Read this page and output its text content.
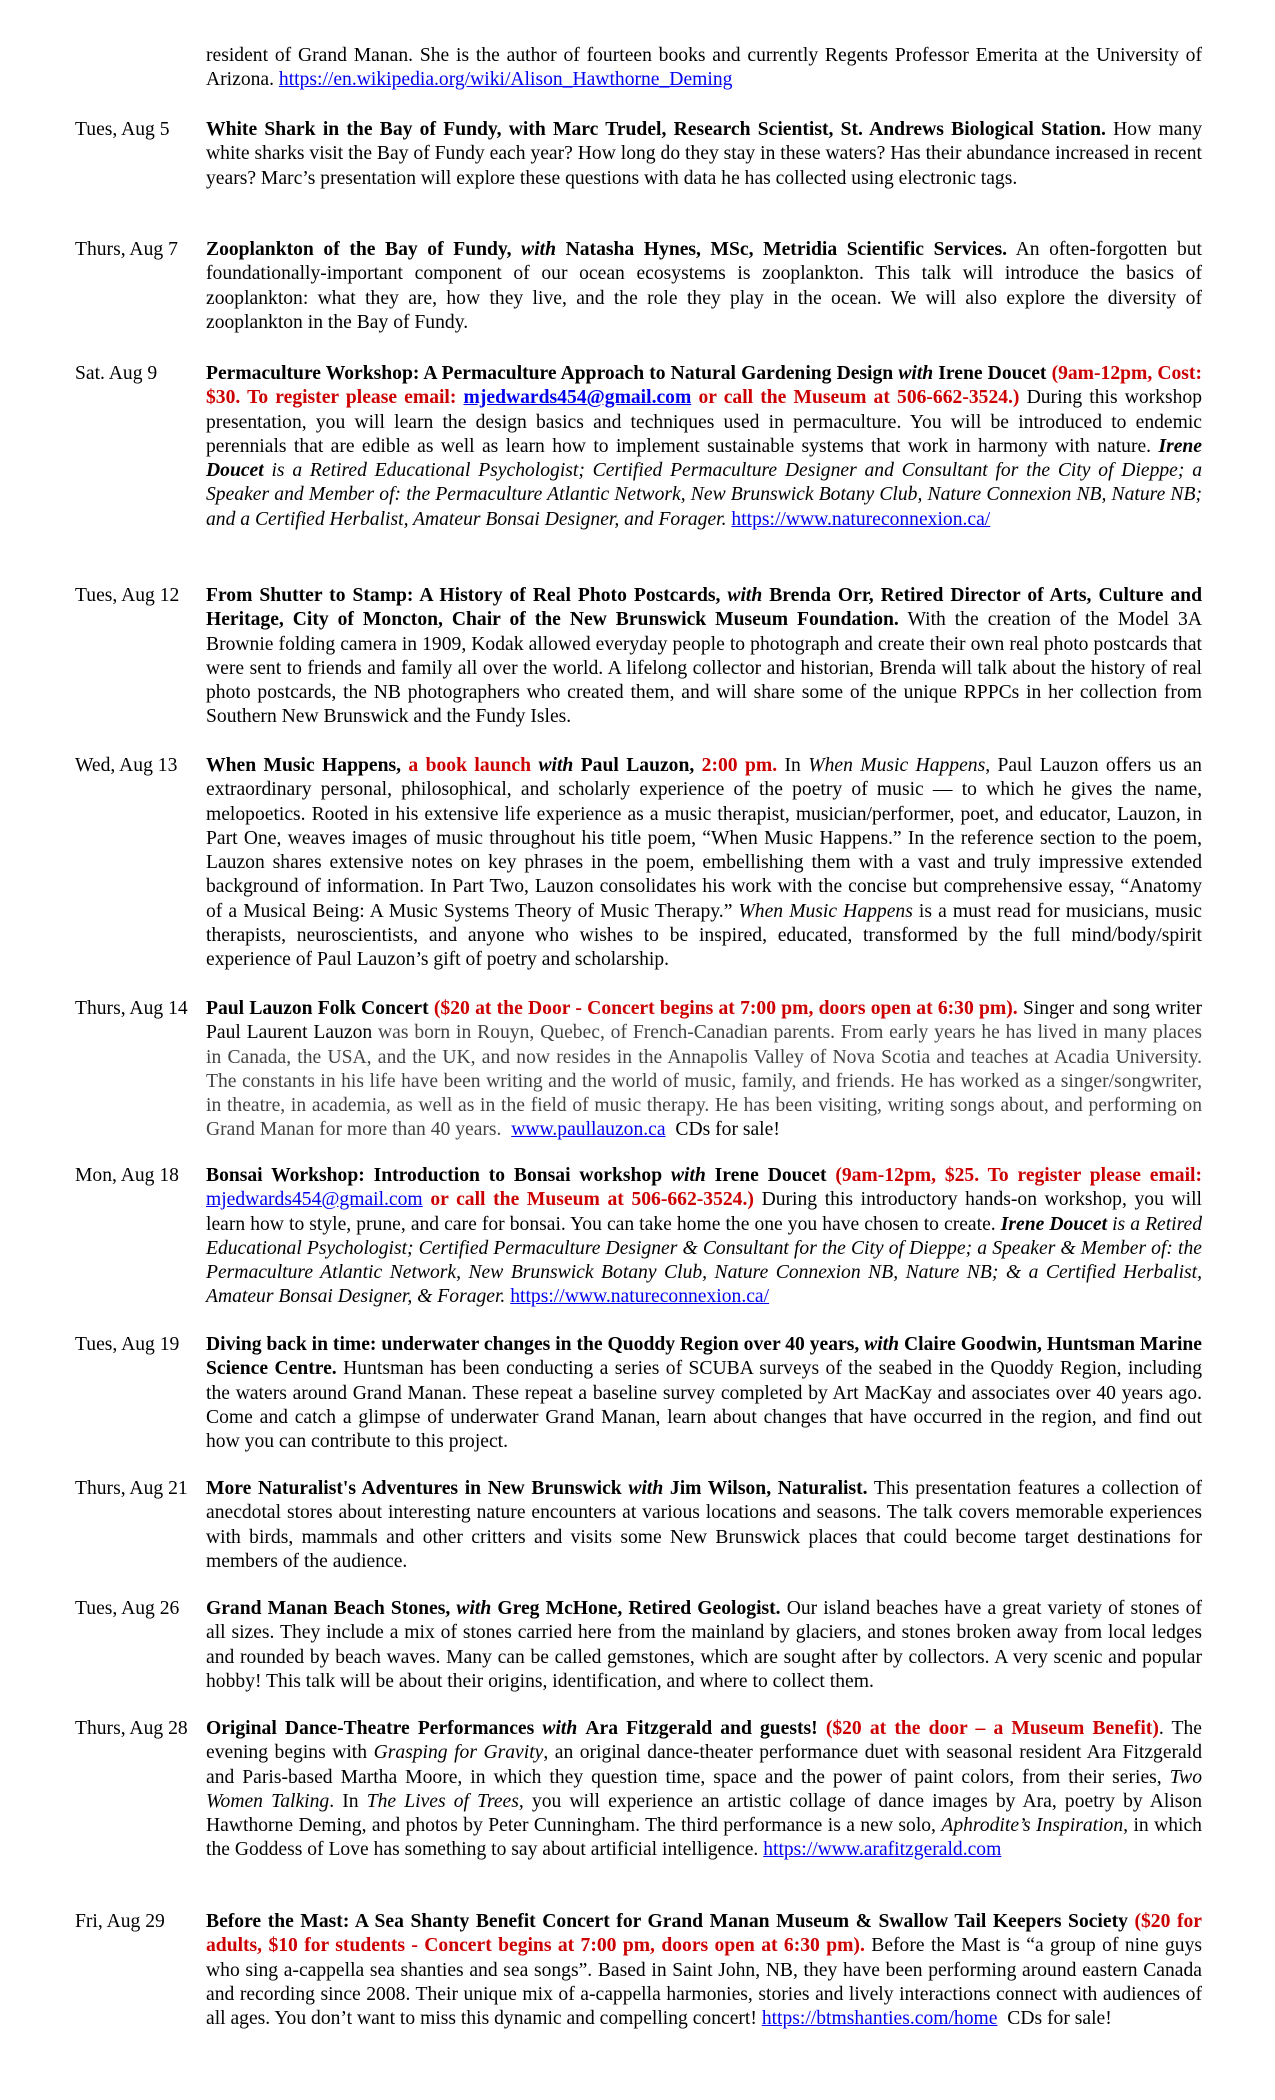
resident of Grand Manan. She is the author of fourteen books and currently Regents Professor Emerita at the University of Arizona. https://en.wikipedia.org/wiki/Alison_Hawthorne_Deming
Tues, Aug 5	White Shark in the Bay of Fundy, with Marc Trudel, Research Scientist, St. Andrews Biological Station. How many white sharks visit the Bay of Fundy each year? How long do they stay in these waters? Has their abundance increased in recent years? Marc’s presentation will explore these questions with data he has collected using electronic tags.
Thurs, Aug 7	Zooplankton of the Bay of Fundy, with Natasha Hynes, MSc, Metridia Scientific Services. An often-forgotten but foundationally-important component of our ocean ecosystems is zooplankton. This talk will introduce the basics of zooplankton: what they are, how they live, and the role they play in the ocean. We will also explore the diversity of zooplankton in the Bay of Fundy.
Sat. Aug 9	Permaculture Workshop: A Permaculture Approach to Natural Gardening Design with Irene Doucet (9am-12pm, Cost: $30. To register please email: mjedwards454@gmail.com or call the Museum at 506-662-3524.) During this workshop presentation, you will learn the design basics and techniques used in permaculture. You will be introduced to endemic perennials that are edible as well as learn how to implement sustainable systems that work in harmony with nature. Irene Doucet is a Retired Educational Psychologist; Certified Permaculture Designer and Consultant for the City of Dieppe; a Speaker and Member of: the Permaculture Atlantic Network, New Brunswick Botany Club, Nature Connexion NB, Nature NB; and a Certified Herbalist, Amateur Bonsai Designer, and Forager. https://www.natureconnexion.ca/
Tues, Aug 12	From Shutter to Stamp: A History of Real Photo Postcards, with Brenda Orr, Retired Director of Arts, Culture and Heritage, City of Moncton, Chair of the New Brunswick Museum Foundation. With the creation of the Model 3A Brownie folding camera in 1909, Kodak allowed everyday people to photograph and create their own real photo postcards that were sent to friends and family all over the world. A lifelong collector and historian, Brenda will talk about the history of real photo postcards, the NB photographers who created them, and will share some of the unique RPPCs in her collection from Southern New Brunswick and the Fundy Isles.
Wed, Aug 13	When Music Happens, a book launch with Paul Lauzon, 2:00 pm. In When Music Happens, Paul Lauzon offers us an extraordinary personal, philosophical, and scholarly experience of the poetry of music — to which he gives the name, melopoetics. Rooted in his extensive life experience as a music therapist, musician/performer, poet, and educator, Lauzon, in Part One, weaves images of music throughout his title poem, “When Music Happens.” In the reference section to the poem, Lauzon shares extensive notes on key phrases in the poem, embellishing them with a vast and truly impressive extended background of information. In Part Two, Lauzon consolidates his work with the concise but comprehensive essay, “Anatomy of a Musical Being: A Music Systems Theory of Music Therapy.” When Music Happens is a must read for musicians, music therapists, neuroscientists, and anyone who wishes to be inspired, educated, transformed by the full mind/body/spirit experience of Paul Lauzon’s gift of poetry and scholarship.
Thurs, Aug 14 Paul Lauzon Folk Concert ($20 at the Door - Concert begins at 7:00 pm, doors open at 6:30 pm). Singer and song writer Paul Laurent Lauzon was born in Rouyn, Quebec, of French-Canadian parents. From early years he has lived in many places in Canada, the USA, and the UK, and now resides in the Annapolis Valley of Nova Scotia and teaches at Acadia University. The constants in his life have been writing and the world of music, family, and friends. He has worked as a singer/songwriter, in theatre, in academia, as well as in the field of music therapy. He has been visiting, writing songs about, and performing on Grand Manan for more than 40 years. www.paullauzon.ca CDs for sale!
Mon, Aug 18	Bonsai Workshop: Introduction to Bonsai workshop with Irene Doucet (9am-12pm, $25. To register please email: mjedwards454@gmail.com or call the Museum at 506-662-3524.) During this introductory hands-on workshop, you will learn how to style, prune, and care for bonsai. You can take home the one you have chosen to create. Irene Doucet is a Retired Educational Psychologist; Certified Permaculture Designer & Consultant for the City of Dieppe; a Speaker & Member of: the Permaculture Atlantic Network, New Brunswick Botany Club, Nature Connexion NB, Nature NB; & a Certified Herbalist, Amateur Bonsai Designer, & Forager. https://www.natureconnexion.ca/
Tues, Aug 19	Diving back in time: underwater changes in the Quoddy Region over 40 years, with Claire Goodwin, Huntsman Marine Science Centre. Huntsman has been conducting a series of SCUBA surveys of the seabed in the Quoddy Region, including the waters around Grand Manan. These repeat a baseline survey completed by Art MacKay and associates over 40 years ago. Come and catch a glimpse of underwater Grand Manan, learn about changes that have occurred in the region, and find out how you can contribute to this project.
Thurs, Aug 21 More Naturalist's Adventures in New Brunswick with Jim Wilson, Naturalist. This presentation features a collection of anecdotal stores about interesting nature encounters at various locations and seasons. The talk covers memorable experiences with birds, mammals and other critters and visits some New Brunswick places that could become target destinations for members of the audience.
Tues, Aug 26	Grand Manan Beach Stones, with Greg McHone, Retired Geologist. Our island beaches have a great variety of stones of all sizes. They include a mix of stones carried here from the mainland by glaciers, and stones broken away from local ledges and rounded by beach waves. Many can be called gemstones, which are sought after by collectors. A very scenic and popular hobby! This talk will be about their origins, identification, and where to collect them.
Thurs, Aug 28 Original Dance-Theatre Performances with Ara Fitzgerald and guests! ($20 at the door – a Museum Benefit). The evening begins with Grasping for Gravity, an original dance-theater performance duet with seasonal resident Ara Fitzgerald and Paris-based Martha Moore, in which they question time, space and the power of paint colors, from their series, Two Women Talking. In The Lives of Trees, you will experience an artistic collage of dance images by Ara, poetry by Alison Hawthorne Deming, and photos by Peter Cunningham. The third performance is a new solo, Aphrodite’s Inspiration, in which the Goddess of Love has something to say about artificial intelligence. https://www.arafitzgerald.com
Fri, Aug 29	Before the Mast: A Sea Shanty Benefit Concert for Grand Manan Museum & Swallow Tail Keepers Society ($20 for adults, $10 for students - Concert begins at 7:00 pm, doors open at 6:30 pm). Before the Mast is “a group of nine guys who sing a-cappella sea shanties and sea songs”. Based in Saint John, NB, they have been performing around eastern Canada and recording since 2008. Their unique mix of a-cappella harmonies, stories and lively interactions connect with audiences of all ages. You don’t want to miss this dynamic and compelling concert! https://btmshanties.com/home CDs for sale!
